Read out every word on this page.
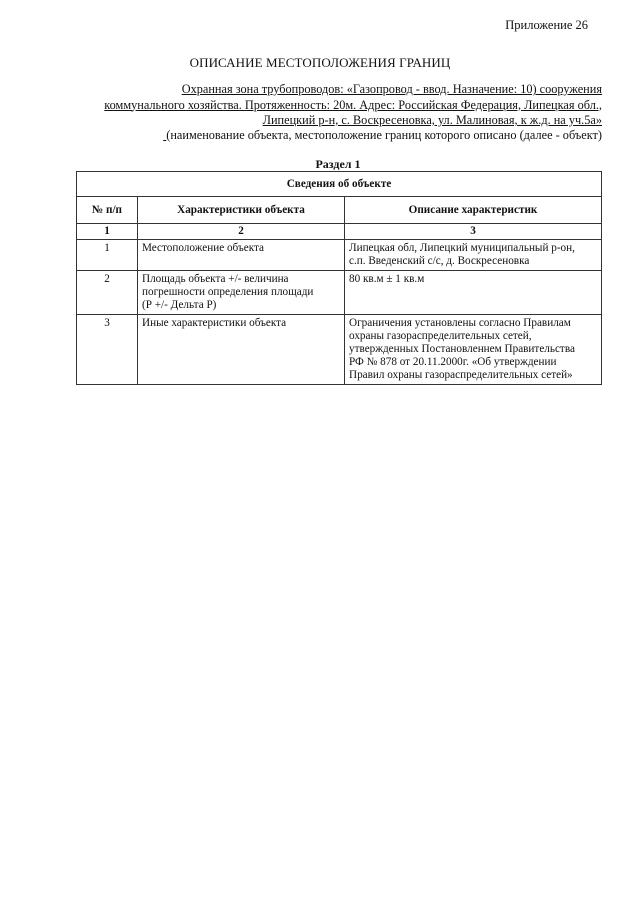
Приложение 26
ОПИСАНИЕ МЕСТОПОЛОЖЕНИЯ ГРАНИЦ
Охранная зона трубопроводов: «Газопровод - ввод. Назначение: 10) сооружения
коммунального хозяйства. Протяженность: 20м. Адрес: Российская Федерация, Липецкая обл.,
Липецкий р-н, с. Воскресеновка, ул. Малиновая, к ж.д. на уч.5а»
(наименование объекта, местоположение границ которого описано (далее - объект)
Раздел 1
Сведения об объекте		
№ п/п	Характеристики объекта	Описание характеристик
1	2	3
1	Местоположение объекта	Липецкая обл, Липецкий муниципальный р-он,
с.п. Введенский с/с, д. Воскресеновка

2	Площадь объекта +/- величина
погрешности определения площади
(Р +/- Дельта Р)	80 кв.м ± 1 кв.м
3	Иные характеристики объекта	Ограничения установлены согласно Правилам
охраны газораспределительных сетей,
утвержденных Постановленнем Правительства
РФ № 878 от 20.11.2000г. «Об утверждении
Правил охраны газораспределительных сетей»
